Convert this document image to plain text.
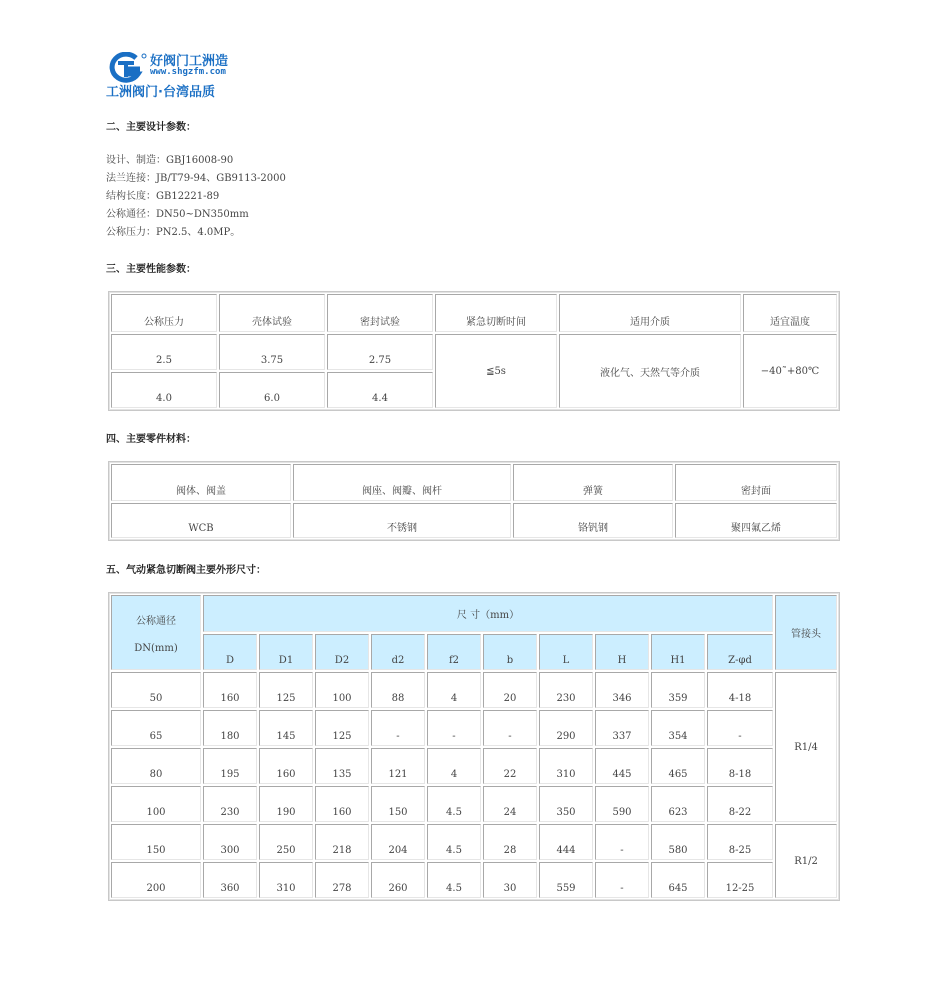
好阀门工洲造
www.shgzfm.com
工洲阀门·台湾品质
二、主要设计参数：
设计、制造：GBJ16008-90
法兰连接：JB/T79-94、GB9113-2000
结构长度：GB12221-89
公称通径：DN50~DN350mm
公称压力：PN2.5、4.0MP。
三、主要性能参数：
公称压力	壳体试验	密封试验	紧急切断时间	适用介质	适宜温度
2.5	3.75	2.75	≦5s	液化气、天然气等介质	−40˜+80℃
4.0	6.0	4.4			
四、主要零件材料：
阀体、阀盖	阀座、阀瓣、阀杆	弹簧	密封面
WCB	不锈钢	铬钒钢	聚四氟乙烯
五、气动紧急切断阀主要外形尺寸：
公称通径
DN(mm)	尺 寸（mm）										管接头
	D	D1	D2	d2	f2	b	L	H	H1	Z-φd	
50	160	125	100	88	4	20	230	346	359	4-18	R1/4
65	180	145	125	-	-	-	290	337	354	-	
80	195	160	135	121	4	22	310	445	465	8-18	
100	230	190	160	150	4.5	24	350	590	623	8-22	
150	300	250	218	204	4.5	28	444	-	580	8-25	R1/2
200	360	310	278	260	4.5	30	559	-	645	12-25	
